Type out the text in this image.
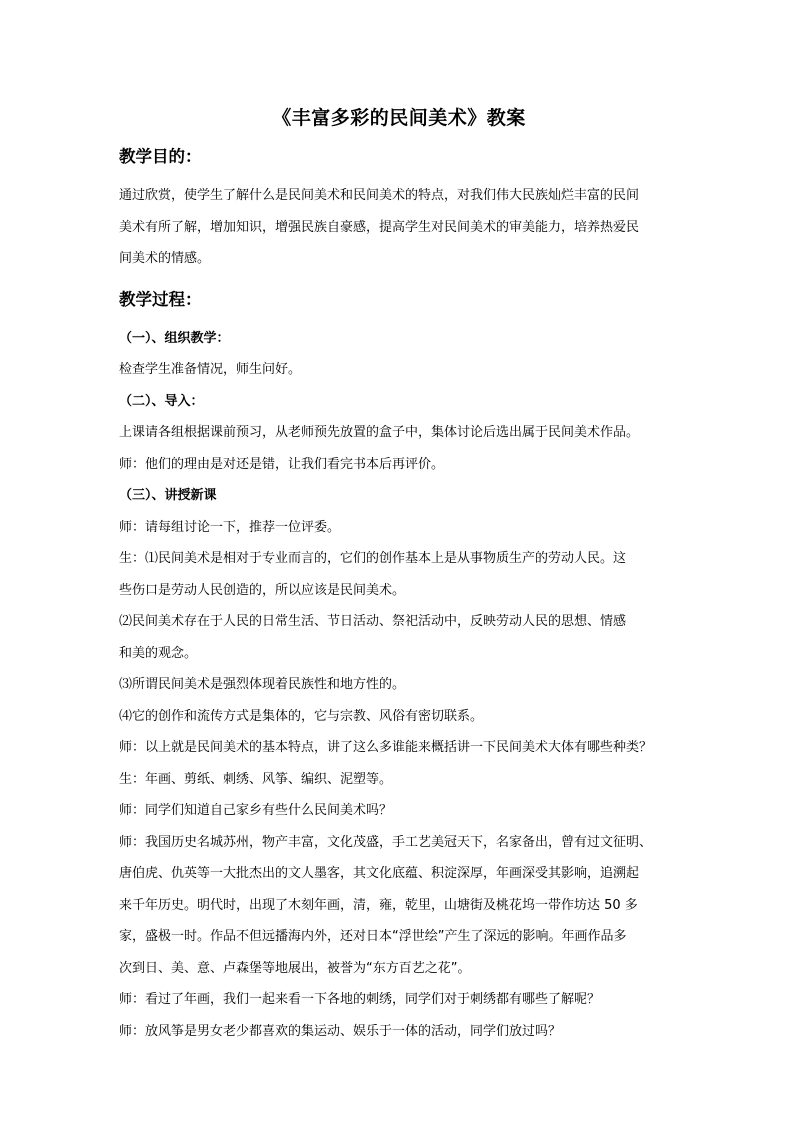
《丰富多彩的民间美术》教案
教学目的：
通过欣赏，使学生了解什么是民间美术和民间美术的特点，对我们伟大民族灿烂丰富的民间
美术有所了解，增加知识，增强民族自豪感，提高学生对民间美术的审美能力，培养热爱民
间美术的情感。
教学过程：
（一）、组织教学：
检查学生准备情况，师生问好。
（二）、导入：
上课请各组根据课前预习，从老师预先放置的盒子中，集体讨论后选出属于民间美术作品。
师：他们的理由是对还是错，让我们看完书本后再评价。
（三）、讲授新课
师：请每组讨论一下，推荐一位评委。
生：⑴民间美术是相对于专业而言的，它们的创作基本上是从事物质生产的劳动人民。这
些伤口是劳动人民创造的，所以应该是民间美术。
⑵民间美术存在于人民的日常生活、节日活动、祭祀活动中，反映劳动人民的思想、情感
和美的观念。
⑶所谓民间美术是强烈体现着民族性和地方性的。
⑷它的创作和流传方式是集体的，它与宗教、风俗有密切联系。
师：以上就是民间美术的基本特点，讲了这么多谁能来概括讲一下民间美术大体有哪些种类？
生：年画、剪纸、刺绣、风筝、编织、泥塑等。
师：同学们知道自己家乡有些什么民间美术吗？
师：我国历史名城苏州，物产丰富，文化茂盛，手工艺美冠天下，名家备出，曾有过文征明、
唐伯虎、仇英等一大批杰出的文人墨客，其文化底蕴、积淀深厚，年画深受其影响，追溯起
来千年历史。明代时，出现了木刻年画，清，雍，乾里，山塘街及桃花坞一带作坊达 50 多
家，盛极一时。作品不但远播海内外，还对日本“浮世绘”产生了深远的影响。年画作品多
次到日、美、意、卢森堡等地展出，被誉为“东方百艺之花”。
师：看过了年画，我们一起来看一下各地的刺绣，同学们对于刺绣都有哪些了解呢？
师：放风筝是男女老少都喜欢的集运动、娱乐于一体的活动，同学们放过吗？
